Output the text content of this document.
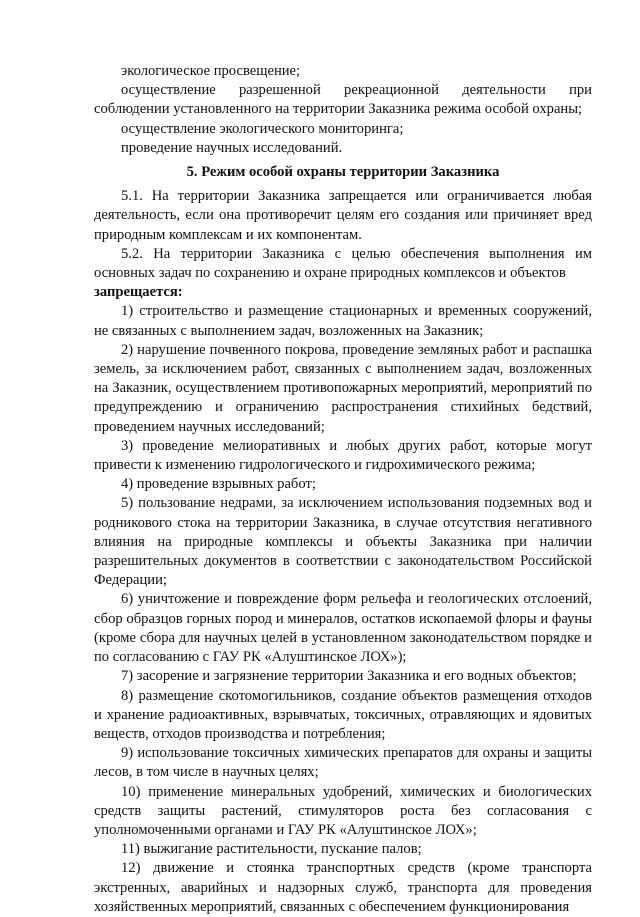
экологическое просвещение;

осуществление разрешенной рекреационной деятельности при соблюдении установленного на территории Заказника режима особой охраны;

осуществление экологического мониторинга;

проведение научных исследований.

5. Режим особой охраны территории Заказника

5.1. На территории Заказника запрещается или ограничивается любая деятельность, если она противоречит целям его создания или причиняет вред природным комплексам и их компонентам.

5.2. На территории Заказника с целью обеспечения выполнения им основных задач по сохранению и охране природных комплексов и объектов

запрещается:

1) строительство и размещение стационарных и временных сооружений, не связанных с выполнением задач, возложенных на Заказник;

2) нарушение почвенного покрова, проведение земляных работ и распашка земель, за исключением работ, связанных с выполнением задач, возложенных на Заказник, осуществлением противопожарных мероприятий, мероприятий по предупреждению и ограничению распространения стихийных бедствий, проведением научных исследований;

3) проведение мелиоративных и любых других работ, которые могут привести к изменению гидрологического и гидрохимического режима;

4) проведение взрывных работ;

5) пользование недрами, за исключением использования подземных вод и родникового стока на территории Заказника, в случае отсутствия негативного влияния на природные комплексы и объекты Заказника при наличии разрешительных документов в соответствии с законодательством Российской Федерации;

6) уничтожение и повреждение форм рельефа и геологических отслоений, сбор образцов горных пород и минералов, остатков ископаемой флоры и фауны (кроме сбора для научных целей в установленном законодательством порядке и по согласованию с ГАУ РК «Алуштинское ЛОХ»);

7) засорение и загрязнение территории Заказника и его водных объектов;

8) размещение скотомогильников, создание объектов размещения отходов и хранение радиоактивных, взрывчатых, токсичных, отравляющих и ядовитых веществ, отходов производства и потребления;

9) использование токсичных химических препаратов для охраны и защиты лесов, в том числе в научных целях;

10) применение минеральных удобрений, химических и биологических средств защиты растений, стимуляторов роста без согласования с уполномоченными органами и ГАУ РК «Алуштинское ЛОХ»;

11) выжигание растительности, пускание палов;

12) движение и стоянка транспортных средств (кроме транспорта экстренных, аварийных и надзорных служб, транспорта для проведения хозяйственных мероприятий, связанных с обеспечением функционирования
